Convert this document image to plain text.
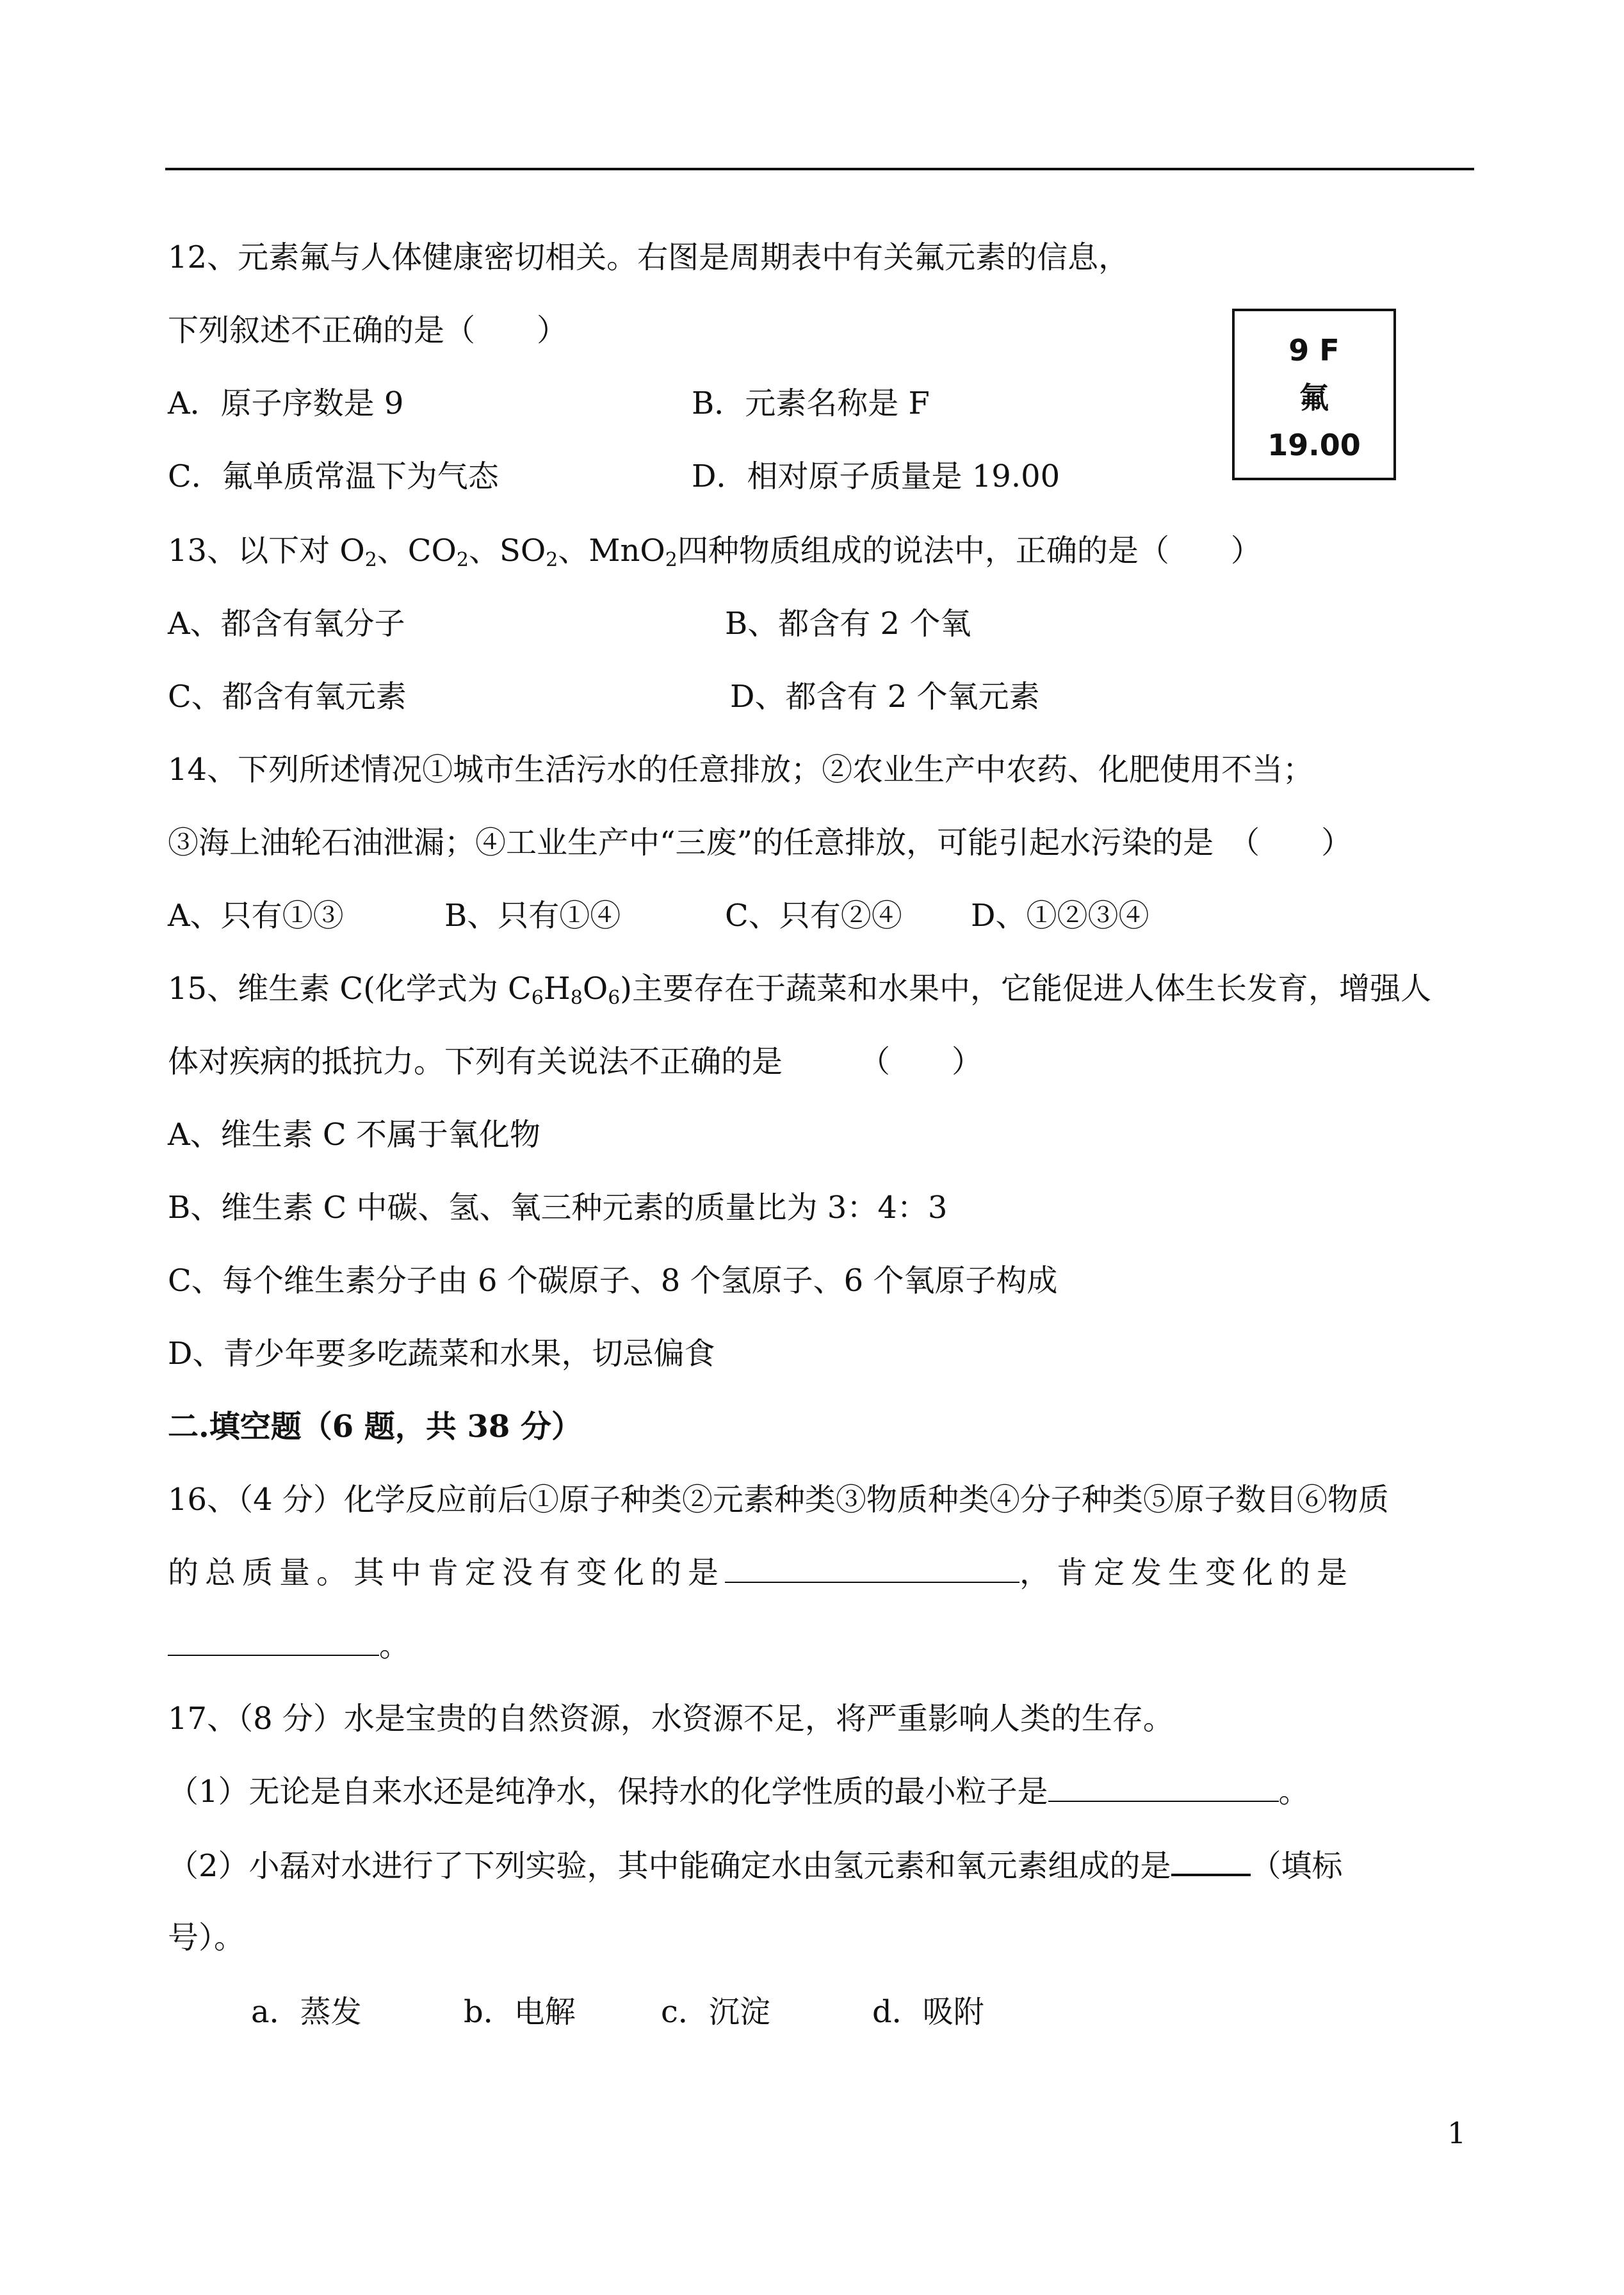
12、元素氟与人体健康密切相关。右图是周期表中有关氟元素的信息，
下列叙述不正确的是（　　）
A．原子序数是 9	B．元素名称是 F
C．氟单质常温下为气态	D．相对原子质量是 19.00
9 F
氟
19.00
13、以下对 $O_2$、$CO_2$、$SO_2$、MnO$_2$四种物质组成的说法中，正确的是（　　）
A、都含有氧分子	B、都含有 2 个氧
C、都含有氧元素	D、都含有 2 个氧元素
14、下列所述情况①城市生活污水的任意排放；②农业生产中农药、化肥使用不当；
③海上油轮石油泄漏；④工业生产中“三废”的任意排放，可能引起水污染的是　（　　）
A、只有①③	B、只有①④	C、只有②④ D、①②③④
15、维生素 C(化学式为 $C_6H_8O_6$)主要存在于蔬菜和水果中，它能促进人体生长发育，增强人
体对疾病的抵抗力。下列有关说法不正确的是　　　（　　）
A、维生素 C 不属于氧化物
B、维生素 C 中碳、氢、氧三种元素的质量比为 3：4：3
C、每个维生素分子由 6 个碳原子、8 个氢原子、6 个氧原子构成
D、青少年要多吃蔬菜和水果，切忌偏食
二.填空题（6 题，共 38 分）
16、（4 分）化学反应前后①原子种类②元素种类③物质种类④分子种类⑤原子数目⑥物质
的总质量。其中肯定没有变化的是	，肯定发生变化的是
。
17、（8 分）水是宝贵的自然资源，水资源不足，将严重影响人类的生存。
（1）无论是自来水还是纯净水，保持水的化学性质的最小粒子是	。
（2）小磊对水进行了下列实验，其中能确定水由氢元素和氧元素组成的是	（填标
号）。
a．蒸发	b．电解	c．沉淀	d．吸附
1
